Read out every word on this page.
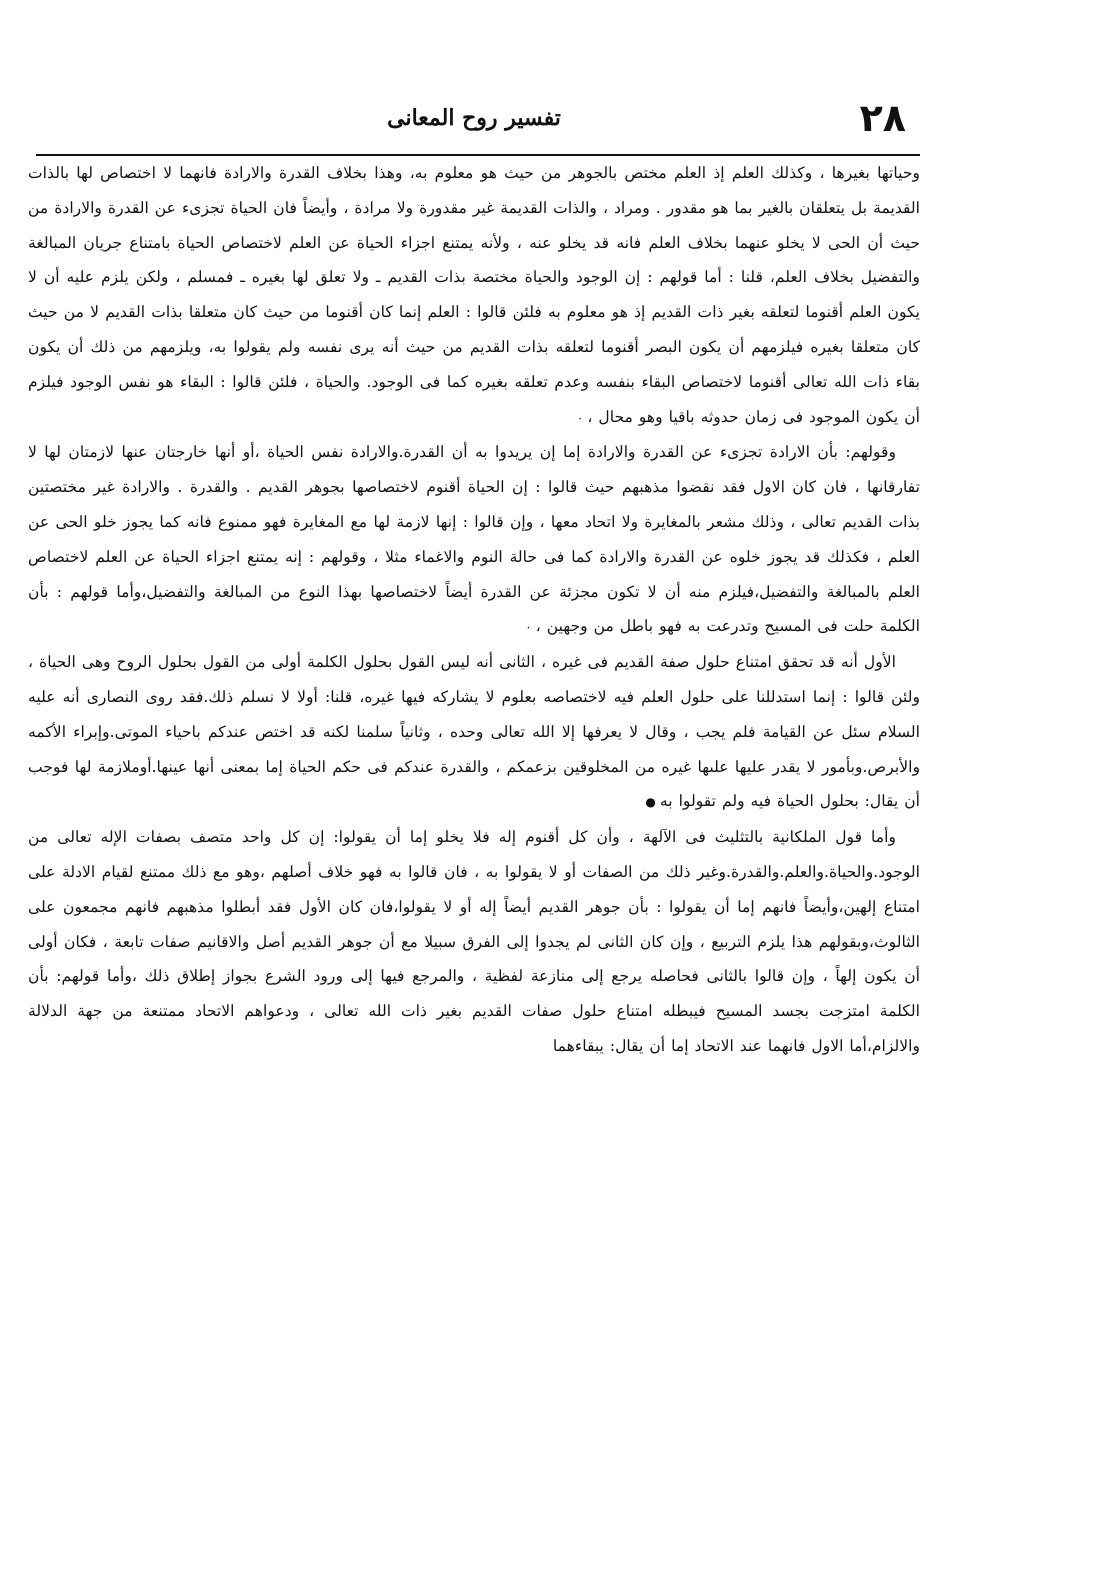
٢٨
تفسير روح المعانى

وحياتها بغيرها ، وكذلك العلم إذ العلم مختص بالجوهر من حيث هو معلوم به، وهذا بخلاف القدرة والارادة فانهما لا اختصاص لها بالذات القديمة بل يتعلقان بالغير بما هو مقدور . ومراد ، والذات القديمة غير مقدورة ولا مرادة ، وأيضاً فان الحياة تجزىء عن القدرة والارادة من حيث أن الحى لا يخلو عنهما بخلاف العلم فانه قد يخلو عنه ، ولأنه يمتنع اجزاء الحياة عن العلم لاختصاص الحياة بامتناع جريان المبالغة والتفضيل بخلاف العلم، قلنا : أما قولهم : إن الوجود والحياة مختصة بذات القديم ـ ولا تعلق لها بغيره ـ فمسلم ، ولكن يلزم عليه أن لا يكون العلم أقنوما لتعلقه بغير ذات القديم إذ هو معلوم به فلئن قالوا : العلم إنما كان أقنوما من حيث كان متعلقا بذات القديم لا من حيث كان متعلقا بغيره فيلزمهم أن يكون البصر أقنوما لتعلقه بذات القديم من حيث أنه يرى نفسه ولم يقولوا به، ويلزمهم من ذلك أن يكون بقاء ذات الله تعالى أقنوما لاختصاص البقاء بنفسه وعدم تعلقه بغيره كما فى الوجود. والحياة ، فلئن قالوا : البقاء هو نفس الوجود فيلزم أن يكون الموجود فى زمان حدوثه باقيا وهو محال ،۰

وقولهم: بأن الارادة تجزىء عن القدرة والارادة إما إن يريدوا به أن القدرة.والارادة نفس الحياة ،أو أنها خارجتان عنها لازمتان لها لا تفارقانها ، فان كان الاول فقد نقضوا مذهبهم حيث قالوا : إن الحياة أقنوم لاختصاصها بجوهر القديم . والقدرة . والارادة غير مختصتين بذات القديم تعالى ، وذلك مشعر بالمغايرة ولا اتحاد معها ، وإن قالوا : إنها لازمة لها مع المغايرة فهو ممنوع فانه كما يجوز خلو الحى عن العلم ، فكذلك قد يجوز خلوه عن القدرة والارادة كما فى حالة النوم والاغماء مثلا ، وقولهم : إنه يمتنع اجزاء الحياة عن العلم لاختصاص العلم بالمبالغة والتفضيل،فيلزم منه أن لا تكون مجزئة عن القدرة أيضاً لاختصاصها بهذا النوع من المبالغة والتفضيل،وأما قولهم : بأن الكلمة حلت فى المسيح وتدرعت به فهو باطل من وجهين ،۰

الأول أنه قد تحقق امتناع حلول صفة القديم فى غيره ، الثانى أنه ليس القول بحلول الكلمة أولى من القول بحلول الروح وهى الحياة ، ولئن قالوا : إنما استدللنا على حلول العلم فيه لاختصاصه بعلوم لا يشاركه فيها غيره، قلنا: أولا لا نسلم ذلك.فقد روى النصارى أنه عليه السلام سئل عن القيامة فلم يجب ، وقال لا يعرفها إلا الله تعالى وحده ، وثانياً سلمنا لكنه قد اختص عندكم باحياء الموتى.وإبراء الأكمه والأبرص.وبأمور لا يقدر عليها علىها غيره من المخلوقين بزعمكم ، والقدرة عندكم فى حكم الحياة إما بمعنى أنها عينها.أوملازمة لها فوجب أن يقال: بحلول الحياة فيه ولم تقولوا به●

وأما قول الملكانية بالتثليث فى الآلهة ، وأن كل أقنوم إله فلا يخلو إما أن يقولوا: إن كل واحد متصف بصفات الإله تعالى من الوجود.والحياة.والعلم.والقدرة.وغير ذلك من الصفات أو لا يقولوا به ، فان قالوا به فهو خلاف أصلهم ،وهو مع ذلك ممتنع لقيام الادلة على امتناع إلهين،وأيضاً فانهم إما أن يقولوا : بأن جوهر القديم أيضاً إله أو لا يقولوا،فان كان الأول فقد أبطلوا مذهبهم فانهم مجمعون على الثالوث،وبقولهم هذا يلزم التربيع ، وإن كان الثانى لم يجدوا إلى الفرق سبيلا مع أن جوهر القديم أصل والاقانيم صفات تابعة ، فكان أولى أن يكون إلهاً ، وإن قالوا بالثانى فحاصله يرجع إلى منازعة لفظية ، والمرجع فيها إلى ورود الشرع بجواز إطلاق ذلك ،وأما قولهم: بأن الكلمة امتزجت بجسد المسيح فيبطله امتناع حلول صفات القديم بغير ذات الله تعالى ، ودعواهم الاتحاد ممتنعة من جهة الدلالة والالزام،أما الاول فانهما عند الاتحاد إما أن يقال: يبقاءهما
